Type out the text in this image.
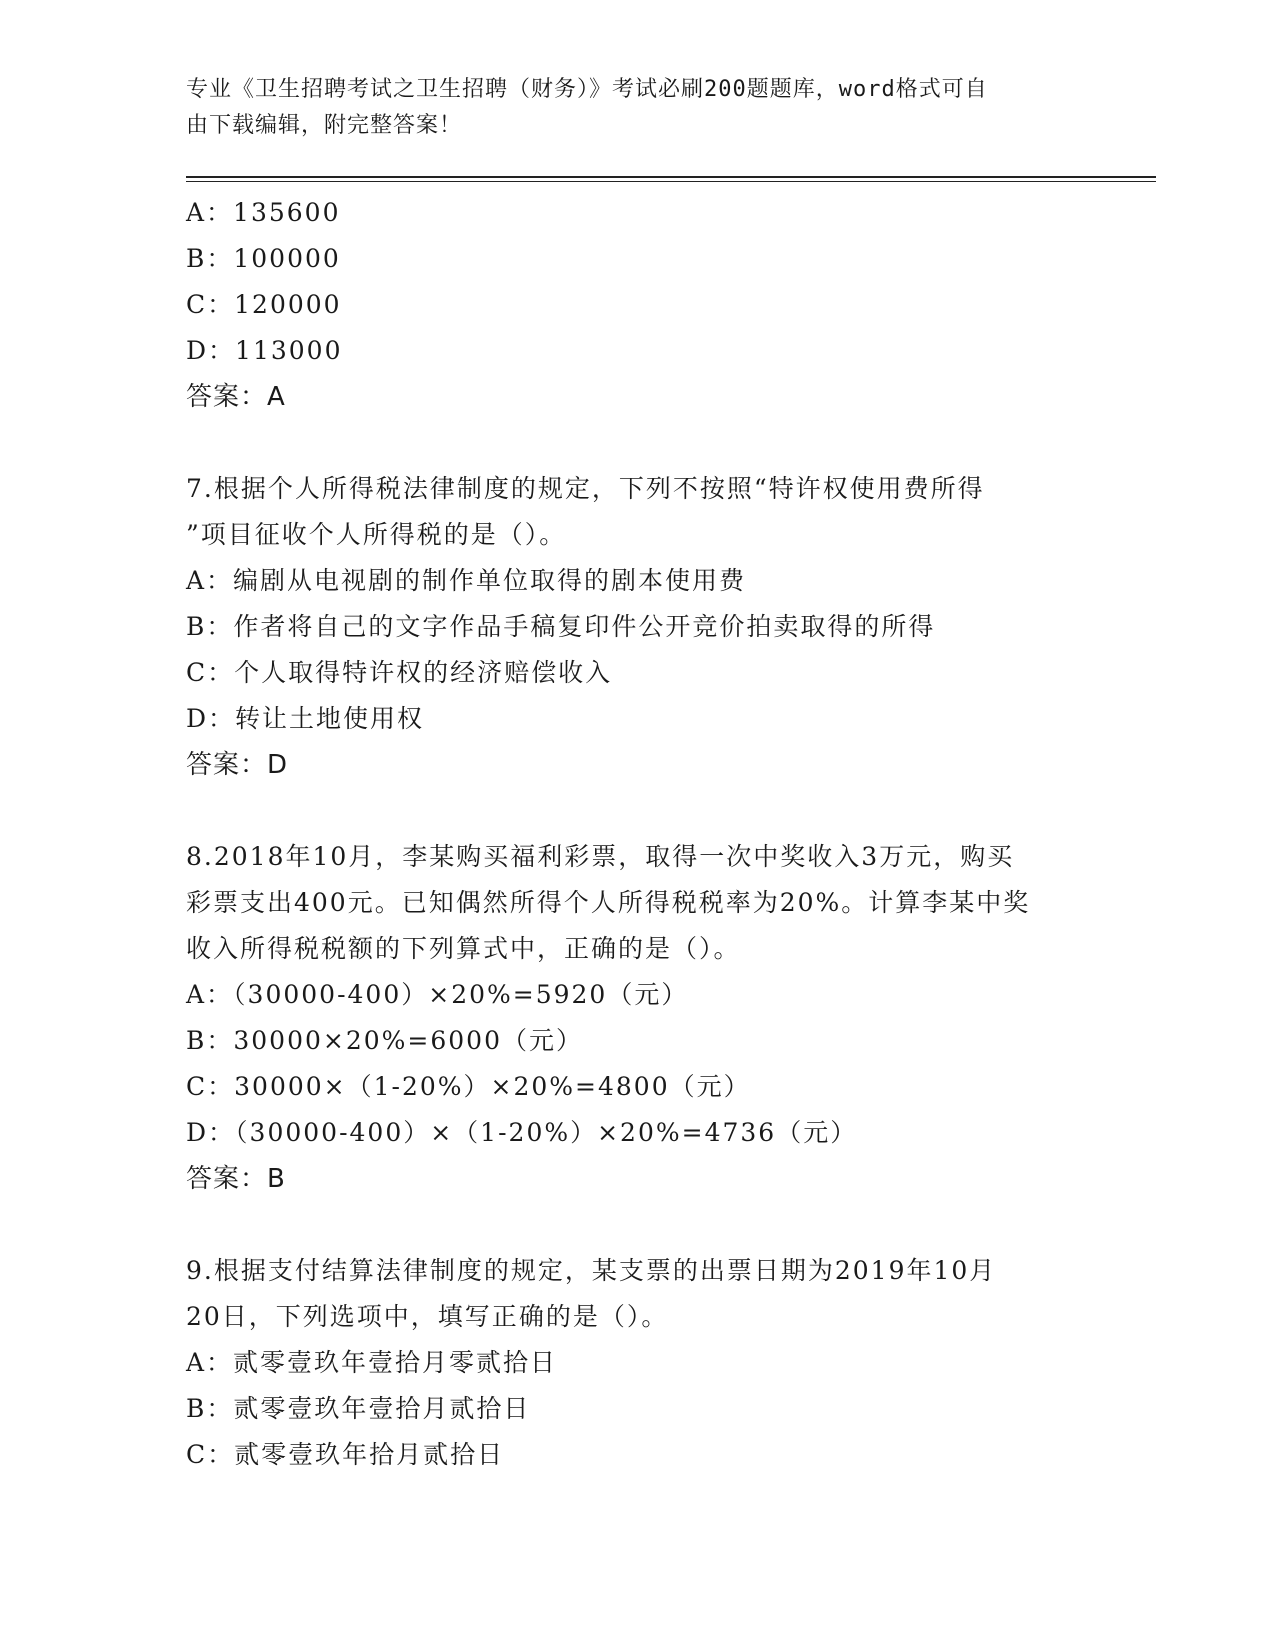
专业《卫生招聘考试之卫生招聘（财务）》考试必刷200题题库，word格式可自
由下载编辑，附完整答案！
A：135600
B：100000
C：120000
D：113000
答案：A
7.根据个人所得税法律制度的规定，下列不按照“特许权使用费所得
”项目征收个人所得税的是（）。
A：编剧从电视剧的制作单位取得的剧本使用费
B：作者将自己的文字作品手稿复印件公开竞价拍卖取得的所得
C：个人取得特许权的经济赔偿收入
D：转让土地使用权
答案：D
8.2018年10月，李某购买福利彩票，取得一次中奖收入3万元，购买
彩票支出400元。已知偶然所得个人所得税税率为20%。计算李某中奖
收入所得税税额的下列算式中，正确的是（）。
A：（30000-400）×20%=5920（元）
B：30000×20%=6000（元）
C：30000×（1-20%）×20%=4800（元）
D：（30000-400）×（1-20%）×20%=4736（元）
答案：B
9.根据支付结算法律制度的规定，某支票的出票日期为2019年10月
20日，下列选项中，填写正确的是（）。
A：贰零壹玖年壹拾月零贰拾日
B：贰零壹玖年壹拾月贰拾日
C：贰零壹玖年拾月贰拾日
